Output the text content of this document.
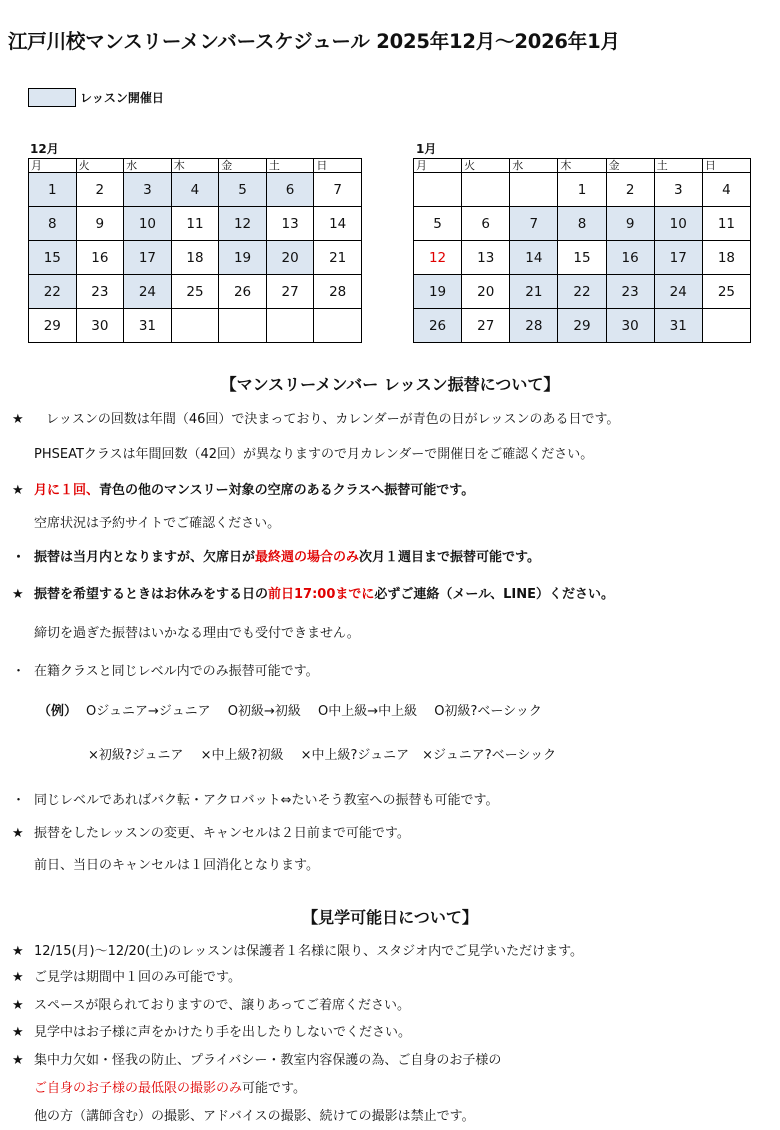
江戸川校マンスリーメンバースケジュール 2025年12月～2026年1月
レッスン開催日
12月
月	火	水	木	金	土	日
1	2	3	4	5	6	7
8	9	10	11	12	13	14
15	16	17	18	19	20	21
22	23	24	25	26	27	28
29	30	31				
1月
月	火	水	木	金	土	日
			1	2	3	4
5	6	7	8	9	10	11
12	13	14	15	16	17	18
19	20	21	22	23	24	25
26	27	28	29	30	31	
【マンスリーメンバー レッスン振替について】
★ レッスンの回数は年間（46回）で決まっており、カレンダーが青色の日がレッスンのある日です。
PHSEATクラスは年間回数（42回）が異なりますので月カレンダーで開催日をご確認ください。
★ 月に１回、青色の他のマンスリー対象の空席のあるクラスへ振替可能です。
空席状況は予約サイトでご確認ください。
・ 振替は当月内となりますが、欠席日が最終週の場合のみ次月１週目まで振替可能です。
★ 振替を希望するときはお休みをする日の前日17:00までに必ずご連絡（メール、LINE）ください。
締切を過ぎた振替はいかなる理由でも受付できません。
・ 在籍クラスと同じレベル内でのみ振替可能です。
（例） Oジュニア→ジュニア　 O初級→初級 　O中上級→中上級　 O初級?ベーシック
×初級?ジュニア　 ×中上級?初級　 ×中上級?ジュニア　×ジュニア?ベーシック
・ 同じレベルであればバク転・アクロバット⇔たいそう教室への振替も可能です。
★ 振替をしたレッスンの変更、キャンセルは２日前まで可能です。
前日、当日のキャンセルは１回消化となります。
【見学可能日について】
★ 12/15(月)～12/20(土)のレッスンは保護者１名様に限り、スタジオ内でご見学いただけます。
★ ご見学は期間中１回のみ可能です。
★ スペースが限られておりますので、譲りあってご着席ください。
★ 見学中はお子様に声をかけたり手を出したりしないでください。
★ 集中力欠如・怪我の防止、プライバシー・教室内容保護の為、ご自身のお子様の
ご自身のお子様の最低限の撮影のみ可能です。
他の方（講師含む）の撮影、アドバイスの撮影、続けての撮影は禁止です。
